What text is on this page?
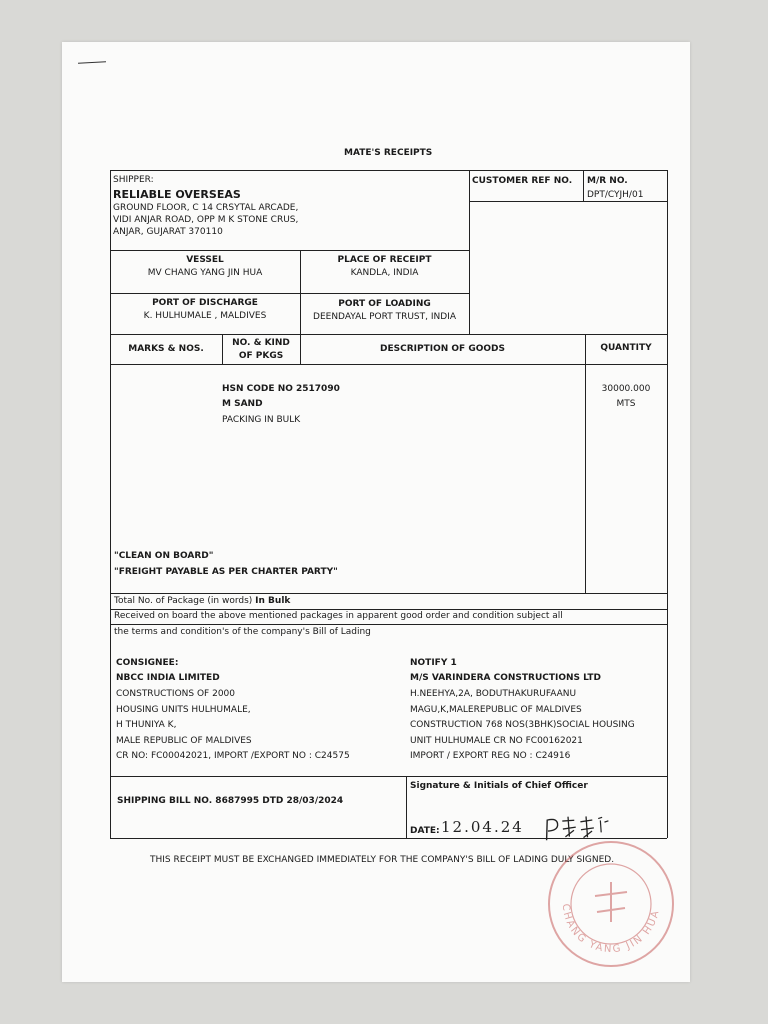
MATE'S RECEIPTS
SHIPPER:
RELIABLE OVERSEAS
GROUND FLOOR, C 14 CRSYTAL ARCADE,
VIDI ANJAR ROAD, OPP M K STONE CRUS,
ANJAR, GUJARAT 370110
CUSTOMER REF NO. M/R NO.
DPT/CYJH/01
VESSEL
MV CHANG YANG JIN HUA
PLACE OF RECEIPT
KANDLA, INDIA
PORT OF DISCHARGE
K. HULHUMALE , MALDIVES
PORT OF LOADING
DEENDAYAL PORT TRUST, INDIA
MARKS & NOS.
NO. & KIND
OF PKGS
DESCRIPTION OF GOODS	QUANTITY
HSN CODE NO 2517090
M SAND
PACKING IN BULK
30000.000
MTS
"CLEAN ON BOARD"
"FREIGHT PAYABLE AS PER CHARTER PARTY"
Total No. of Package (in words) In Bulk
Received on board the above mentioned packages in apparent good order and condition subject all
the terms and condition's of the company's Bill of Lading
CONSIGNEE:
NBCC INDIA LIMITED
CONSTRUCTIONS OF 2000
HOUSING UNITS HULHUMALE,
H THUNIYA K,
MALE REPUBLIC OF MALDIVES
CR NO: FC00042021, IMPORT /EXPORT NO : C24575
NOTIFY 1
M/S VARINDERA CONSTRUCTIONS LTD
H.NEEHYA,2A, BODUTHAKURUFAANU
MAGU,K,MALEREPUBLIC OF MALDIVES
CONSTRUCTION 768 NOS(3BHK)SOCIAL HOUSING
UNIT HULHUMALE CR NO FC00162021
IMPORT / EXPORT REG NO : C24916
SHIPPING BILL NO. 8687995 DTD 28/03/2024
Signature & Initials of Chief Officer
DATE: 12.04.24
THIS RECEIPT MUST BE EXCHANGED IMMEDIATELY FOR THE COMPANY'S BILL OF LADING DULY SIGNED.
CHANG YANG JIN HUA
